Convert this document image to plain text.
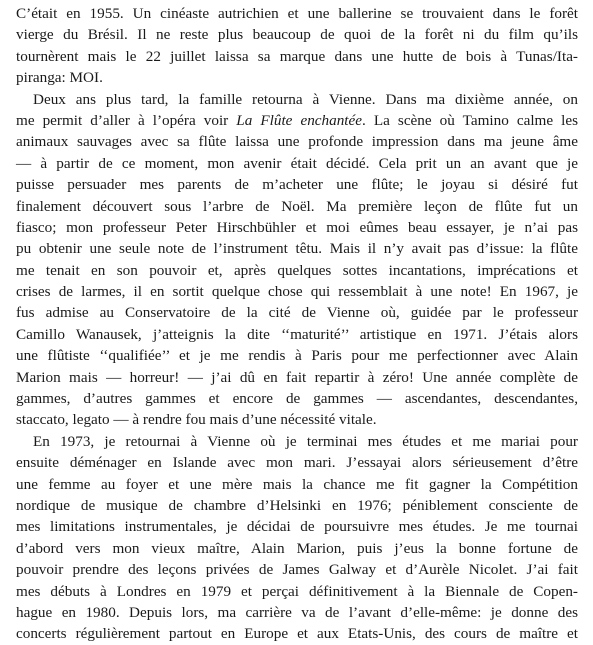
C’était en 1955. Un cinéaste autrichien et une ballerine se trouvaient dans le forêt
vierge du Brésil. Il ne reste plus beaucoup de quoi de la forêt ni du film qu’ils
tournèrent mais le 22 juillet laissa sa marque dans une hutte de bois à Tunas/Ita-
piranga: MOI.
Deux ans plus tard, la famille retourna à Vienne. Dans ma dixième année, on
me permit d’aller à l’opéra voir La Flûte enchantée. La scène où Tamino calme les
animaux sauvages avec sa flûte laissa une profonde impression dans ma jeune âme
— à partir de ce moment, mon avenir était décidé. Cela prit un an avant que je
puisse persuader mes parents de m’acheter une flûte; le joyau si désiré fut
finalement découvert sous l’arbre de Noël. Ma première leçon de flûte fut un
fiasco; mon professeur Peter Hirschbühler et moi eûmes beau essayer, je n’ai pas
pu obtenir une seule note de l’instrument têtu. Mais il n’y avait pas d’issue: la flûte
me tenait en son pouvoir et, après quelques sottes incantations, imprécations et
crises de larmes, il en sortit quelque chose qui ressemblait à une note! En 1967, je
fus admise au Conservatoire de la cité de Vienne où, guidée par le professeur
Camillo Wanausek, j’atteignis la dite ‘‘maturité’’ artistique en 1971. J’étais alors
une flûtiste ‘‘qualifiée’’ et je me rendis à Paris pour me perfectionner avec Alain
Marion mais — horreur! — j’ai dû en fait repartir à zéro! Une année complète de
gammes, d’autres gammes et encore de gammes — ascendantes, descendantes,
staccato, legato — à rendre fou mais d’une nécessité vitale.
En 1973, je retournai à Vienne où je terminai mes études et me mariai pour
ensuite déménager en Islande avec mon mari. J’essayai alors sérieusement d’être
une femme au foyer et une mère mais la chance me fit gagner la Compétition
nordique de musique de chambre d’Helsinki en 1976; péniblement consciente de
mes limitations instrumentales, je décidai de poursuivre mes études. Je me tournai
d’abord vers mon vieux maître, Alain Marion, puis j’eus la bonne fortune de
pouvoir prendre des leçons privées de James Galway et d’Aurèle Nicolet. J’ai fait
mes débuts à Londres en 1979 et perçai définitivement à la Biennale de Copen-
hague en 1980. Depuis lors, ma carrière va de l’avant d’elle-même: je donne des
concerts régulièrement partout en Europe et aux Etats-Unis, des cours de maître et
